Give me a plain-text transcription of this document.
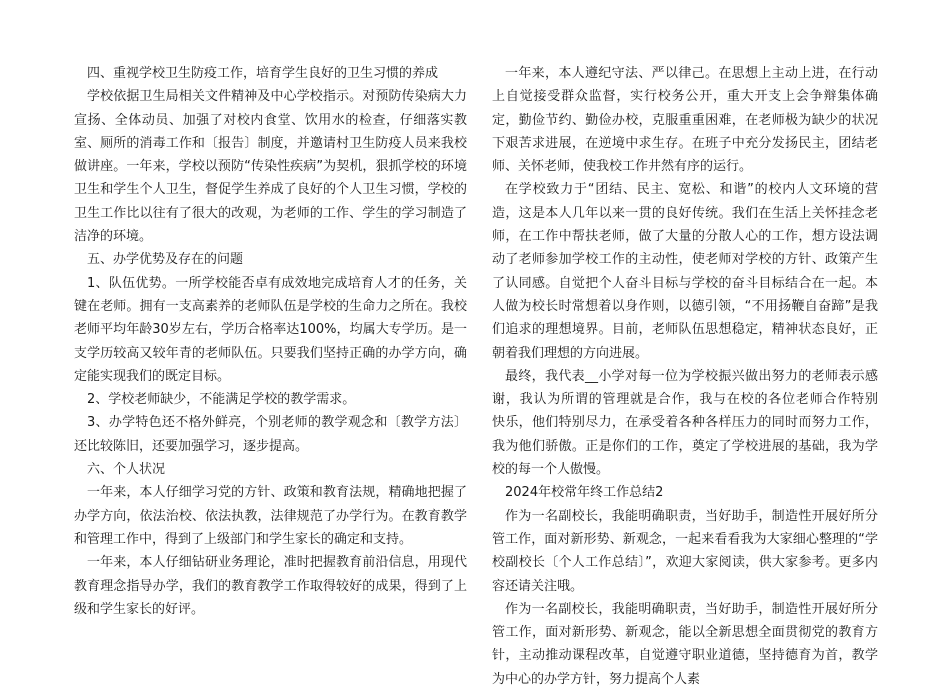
四、重视学校卫生防疫工作，培育学生良好的卫生习惯的养成

学校依据卫生局相关文件精神及中心学校指示。对预防传染病大力宣扬、全体动员、加强了对校内食堂、饮用水的检查，仔细落实教室、厕所的消毒工作和〔报告〕制度，并邀请村卫生防疫人员来我校做讲座。一年来，学校以预防“传染性疾病”为契机，狠抓学校的环境卫生和学生个人卫生，督促学生养成了良好的个人卫生习惯，学校的卫生工作比以往有了很大的改观，为老师的工作、学生的学习制造了洁净的环境。

五、办学优势及存在的问题

1、队伍优势。一所学校能否卓有成效地完成培育人才的任务，关键在老师。拥有一支高素养的老师队伍是学校的生命力之所在。我校老师平均年龄30岁左右，学历合格率达100%，均属大专学历。是一支学历较高又较年青的老师队伍。只要我们坚持正确的办学方向，确定能实现我们的既定目标。

2、学校老师缺少，不能满足学校的教学需求。

3、办学特色还不格外鲜亮，个别老师的教学观念和〔教学方法〕还比较陈旧，还要加强学习，逐步提高。

六、个人状况

一年来，本人仔细学习党的方针、政策和教育法规，精确地把握了办学方向，依法治校、依法执教，法律规范了办学行为。在教育教学和管理工作中，得到了上级部门和学生家长的确定和支持。

一年来，本人仔细钻研业务理论，准时把握教育前沿信息，用现代教育理念指导办学，我们的教育教学工作取得较好的成果，得到了上级和学生家长的好评。

一年来，本人遵纪守法、严以律己。在思想上主动上进，在行动上自觉接受群众监督，实行校务公开，重大开支上会争辩集体确定，勤俭节约、勤俭办校，克服重重困难，在老师极为缺少的状况下艰苦求进展，在逆境中求生存。在班子中充分发扬民主，团结老师、关怀老师，使我校工作井然有序的运行。

在学校致力于“团结、民主、宽松、和谐”的校内人文环境的营造，这是本人几年以来一贯的良好传统。我们在生活上关怀挂念老师，在工作中帮扶老师，做了大量的分散人心的工作，想方设法调动了老师参加学校工作的主动性，使老师对学校的方针、政策产生了认同感。自觉把个人奋斗目标与学校的奋斗目标结合在一起。本人做为校长时常想着以身作则，以德引领，“不用扬鞭自奋蹄”是我们追求的理想境界。目前，老师队伍思想稳定，精神状态良好，正朝着我们理想的方向进展。

最终，我代表__小学对每一位为学校振兴做出努力的老师表示感谢，我认为所谓的管理就是合作，我与在校的各位老师合作特别　　快乐，他们特别尽力，在承受着各种各样压力的同时而努力工作，我为他们骄傲。正是你们的工作，奠定了学校进展的基础，我为学校的每一个人傲慢。

2024年校常年终工作总结2

作为一名副校长，我能明确职责，当好助手，制造性开展好所分管工作，面对新形势、新观念，一起来看看我为大家细心整理的“学校副校长〔个人工作总结〕”，欢迎大家阅读，供大家参考。更多内容还请关注哦。

作为一名副校长，我能明确职责，当好助手，制造性开展好所分管工作，面对新形势、新观念，能以全新思想全面贯彻党的教育方针，主动推动课程改革，自觉遵守职业道德，坚持德育为首，教学为中心的办学方针，努力提高个人素
